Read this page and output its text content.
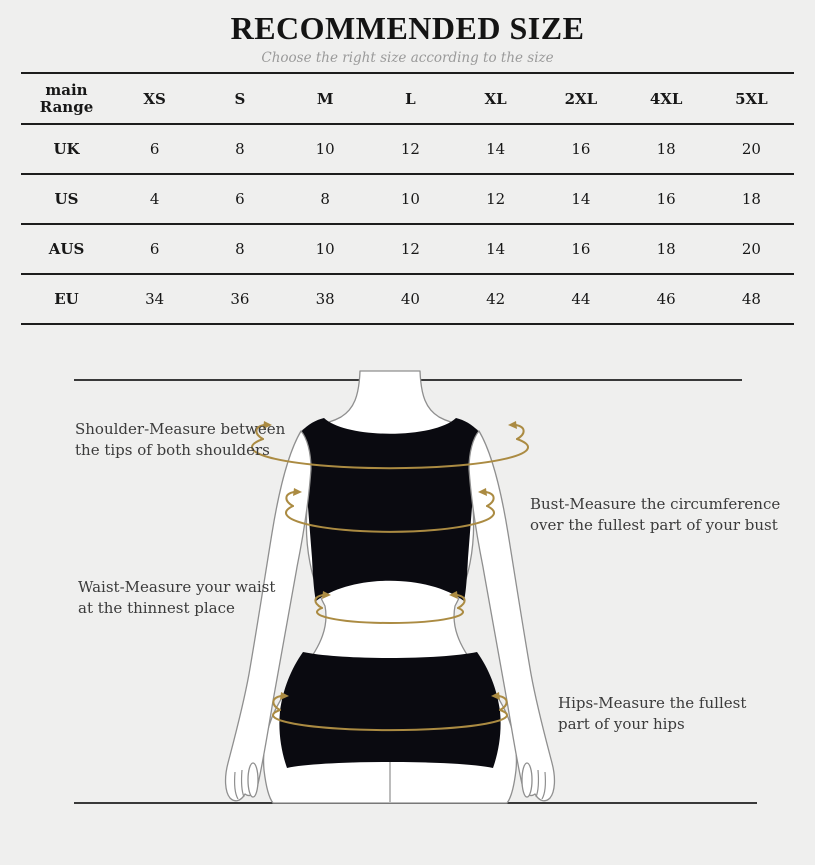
RECOMMENDED SIZE
Choose the right size according to the size
main
Range	XS	S	M	L	XL	2XL	4XL	5XL
UK	6	8	10	12	14	16	18	20
US	4	6	8	10	12	14	16	18
AUS	6	8	10	12	14	16	18	20
EU	34	36	38	40	42	44	46	48
Shoulder-Measure between
the tips of both shoulders
Bust-Measure the circumference
over the fullest part of your bust
Waist-Measure your waist
at the thinnest place
Hips-Measure the fullest
part of your hips
